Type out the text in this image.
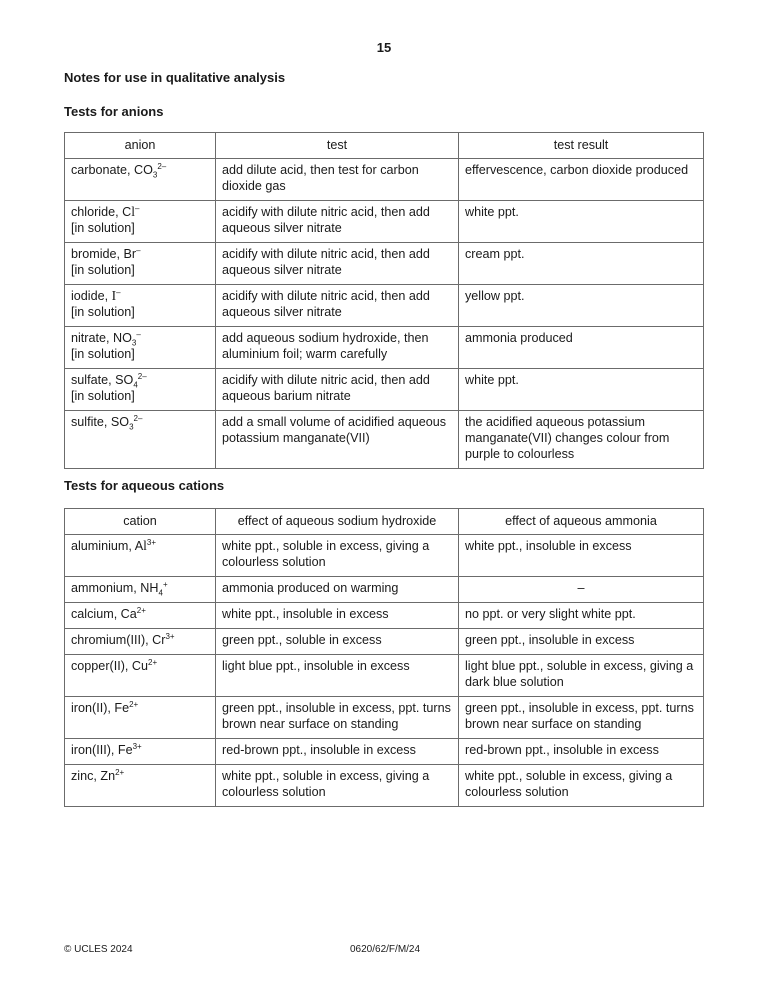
15
Notes for use in qualitative analysis
Tests for anions
anion	test	test result
carbonate, $CO_3^{2-}$	add dilute acid, then test for carbon dioxide gas	effervescence, carbon dioxide produced
chloride, Cl–
[in solution]	acidify with dilute nitric acid, then add aqueous silver nitrate	white ppt.
bromide, Br–
[in solution]	acidify with dilute nitric acid, then add aqueous silver nitrate	cream ppt.
iodide, I–
[in solution]	acidify with dilute nitric acid, then add aqueous silver nitrate	yellow ppt.
nitrate, $NO_3^-$
[in solution]	add aqueous sodium hydroxide, then aluminium foil; warm carefully	ammonia produced
sulfate, $SO_4^{2-}$
[in solution]	acidify with dilute nitric acid, then add aqueous barium nitrate	white ppt.
sulfite, $SO_3^{2-}$	add a small volume of acidified aqueous potassium manganate(VII)	the acidified aqueous potassium manganate(VII) changes colour from purple to colourless
Tests for aqueous cations
cation	effect of aqueous sodium hydroxide	effect of aqueous ammonia
aluminium, $Al^{3+}$	white ppt., soluble in excess, giving a colourless solution	white ppt., insoluble in excess
ammonium, $NH_4^+$	ammonia produced on warming	–
calcium, $Ca^{2+}$	white ppt., insoluble in excess	no ppt. or very slight white ppt.
chromium(III), $Cr^{3+}$	green ppt., soluble in excess	green ppt., insoluble in excess
copper(II), $Cu^{2+}$	light blue ppt., insoluble in excess	light blue ppt., soluble in excess, giving a dark blue solution
iron(II), $Fe^{2+}$	green ppt., insoluble in excess, ppt. turns brown near surface on standing	green ppt., insoluble in excess, ppt. turns brown near surface on standing
iron(III), $Fe^{3+}$	red-brown ppt., insoluble in excess	red-brown ppt., insoluble in excess
zinc, $Zn^{2+}$	white ppt., soluble in excess, giving a colourless solution	white ppt., soluble in excess, giving a colourless solution
© UCLES 2024	0620/62/F/M/24
